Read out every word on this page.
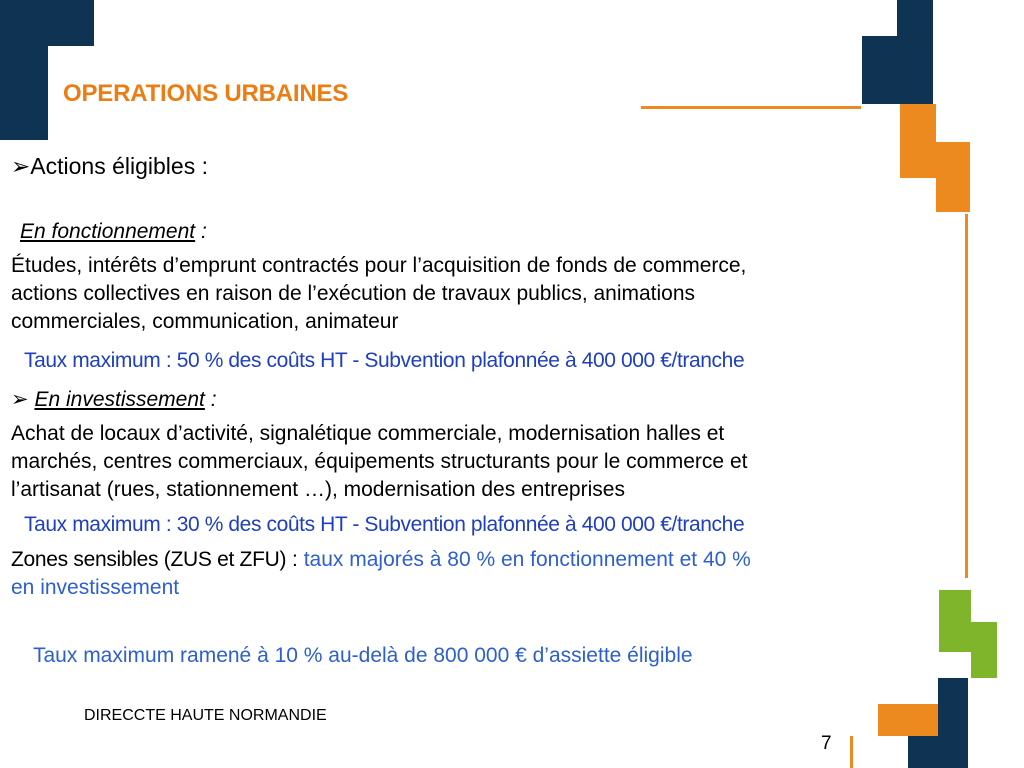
OPERATIONS URBAINES
➢Actions éligibles :
En fonctionnement :
Études, intérêts d’emprunt contractés pour l’acquisition de fonds de commerce,
actions collectives en raison de l’exécution de travaux publics, animations
commerciales, communication, animateur
Taux maximum : 50 % des coûts HT - Subvention plafonnée à 400 000 €/tranche
➢ En investissement :
Achat de locaux d’activité, signalétique commerciale, modernisation halles et
marchés, centres commerciaux, équipements structurants pour le commerce et
l’artisanat (rues, stationnement …), modernisation des entreprises
Taux maximum : 30 % des coûts HT - Subvention plafonnée à 400 000 €/tranche
Zones sensibles (ZUS et ZFU) : taux majorés à 80 % en fonctionnement et 40 %
en investissement
Taux maximum ramené à 10 % au-delà de 800 000 € d’assiette éligible
DIRECCTE HAUTE NORMANDIE
7
